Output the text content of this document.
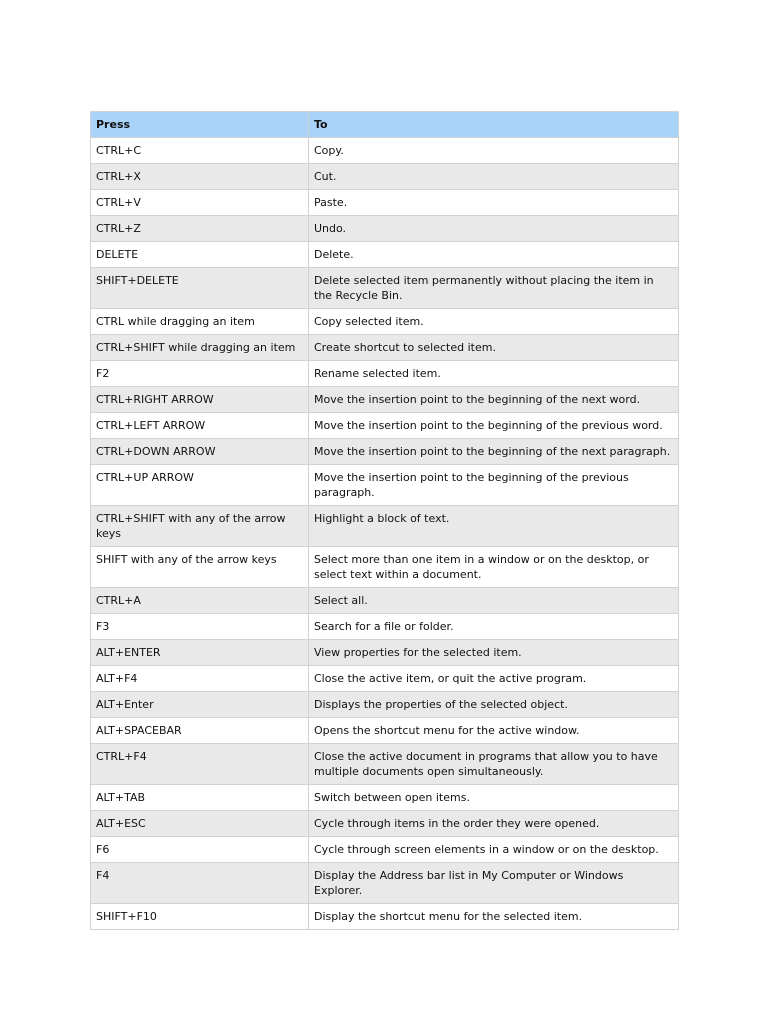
Press	To
CTRL+C	Copy.
CTRL+X	Cut.
CTRL+V	Paste.
CTRL+Z	Undo.
DELETE	Delete.
SHIFT+DELETE	Delete selected item permanently without placing the item in the Recycle Bin.
CTRL while dragging an item	Copy selected item.
CTRL+SHIFT while dragging an item	Create shortcut to selected item.
F2	Rename selected item.
CTRL+RIGHT ARROW	Move the insertion point to the beginning of the next word.
CTRL+LEFT ARROW	Move the insertion point to the beginning of the previous word.
CTRL+DOWN ARROW	Move the insertion point to the beginning of the next paragraph.
CTRL+UP ARROW	Move the insertion point to the beginning of the previous paragraph.
CTRL+SHIFT with any of the arrow keys	Highlight a block of text.
SHIFT with any of the arrow keys	Select more than one item in a window or on the desktop, or select text within a document.
CTRL+A	Select all.
F3	Search for a file or folder.
ALT+ENTER	View properties for the selected item.
ALT+F4	Close the active item, or quit the active program.
ALT+Enter	Displays the properties of the selected object.
ALT+SPACEBAR	Opens the shortcut menu for the active window.
CTRL+F4	Close the active document in programs that allow you to have multiple documents open simultaneously.
ALT+TAB	Switch between open items.
ALT+ESC	Cycle through items in the order they were opened.
F6	Cycle through screen elements in a window or on the desktop.
F4	Display the Address bar list in My Computer or Windows Explorer.
SHIFT+F10	Display the shortcut menu for the selected item.
